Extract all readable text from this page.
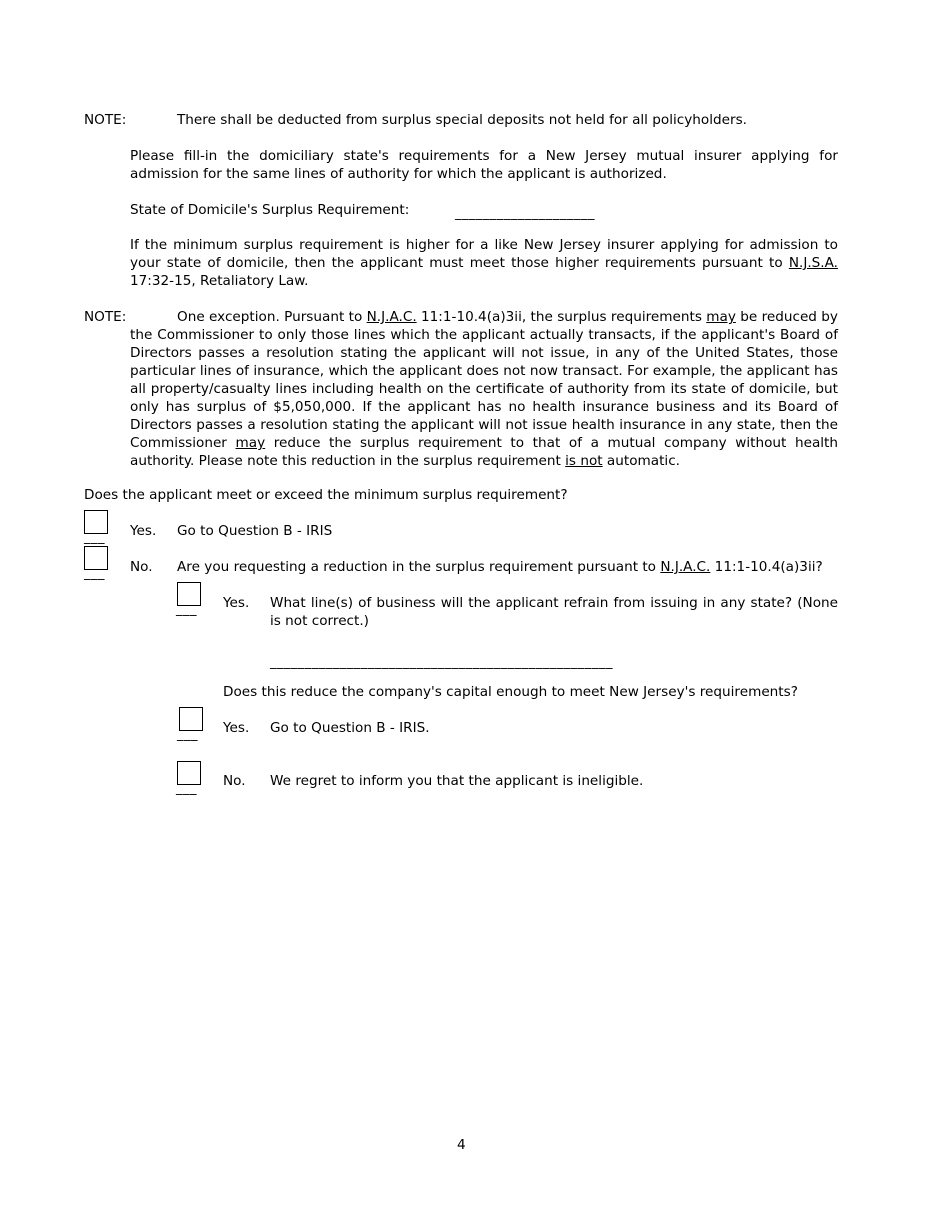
NOTE:	There shall be deducted from surplus special deposits not held for all policyholders.
Please fill-in the domiciliary state's requirements for a New Jersey mutual insurer applying for admission for the same lines of authority for which the applicant is authorized.
State of Domicile's Surplus Requirement:	____________________
If the minimum surplus requirement is higher for a like New Jersey insurer applying for admission to your state of domicile, then the applicant must meet those higher requirements pursuant to N.J.S.A. 17:32-15, Retaliatory Law.
NOTE:	One exception. Pursuant to N.J.A.C. 11:1-10.4(a)3ii, the surplus requirements may be reduced by the Commissioner to only those lines which the applicant actually transacts, if the applicant's Board of Directors passes a resolution stating the applicant will not issue, in any of the United States, those particular lines of insurance, which the applicant does not now transact. For example, the applicant has all property/casualty lines including health on the certificate of authority from its state of domicile, but only has surplus of $5,050,000. If the applicant has no health insurance business and its Board of Directors passes a resolution stating the applicant will not issue health insurance in any state, then the Commissioner may reduce the surplus requirement to that of a mutual company without health authority. Please note this reduction in the surplus requirement is not automatic.
Does the applicant meet or exceed the minimum surplus requirement?
___ Yes. Go to Question B - IRIS
___ No. Are you requesting a reduction in the surplus requirement pursuant to N.J.A.C. 11:1-10.4(a)3ii?
___ Yes. What line(s) of business will the applicant refrain from issuing in any state? (None is not correct.)
_________________________________________________
Does this reduce the company's capital enough to meet New Jersey's requirements?
___ Yes. Go to Question B - IRIS.
___ No. We regret to inform you that the applicant is ineligible.
4
